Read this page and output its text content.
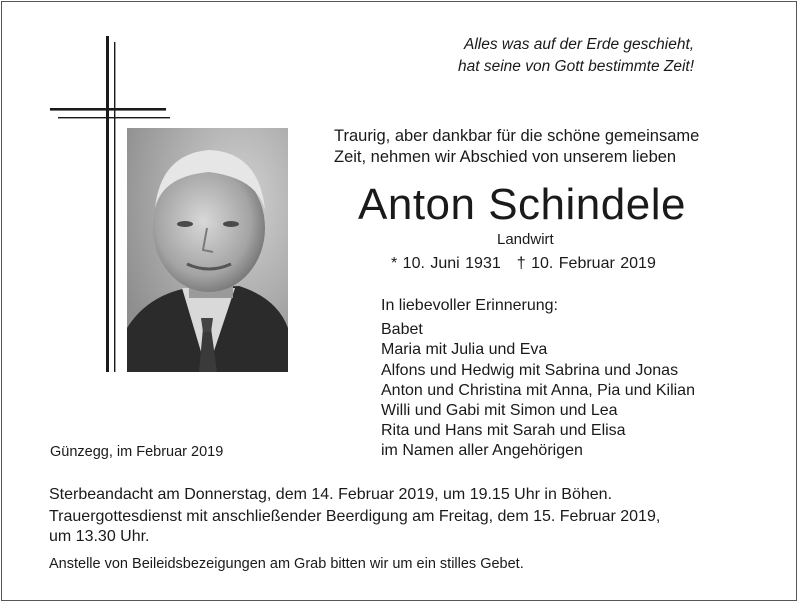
Alles was auf der Erde geschieht,
hat seine von Gott bestimmte Zeit!
Traurig, aber dankbar für die schöne gemeinsame
Zeit, nehmen wir Abschied von unserem lieben
Anton Schindele
Landwirt
* 10. Juni 1931 † 10. Februar 2019
In liebevoller Erinnerung:
Babet
Maria mit Julia und Eva
Alfons und Hedwig mit Sabrina und Jonas
Anton und Christina mit Anna, Pia und Kilian
Willi und Gabi mit Simon und Lea
Rita und Hans mit Sarah und Elisa
im Namen aller Angehörigen
Günzegg, im Februar 2019
Sterbeandacht am Donnerstag, dem 14. Februar 2019, um 19.15 Uhr in Böhen.
Trauergottesdienst mit anschließender Beerdigung am Freitag, dem 15. Februar 2019,
um 13.30 Uhr.
Anstelle von Beileidsbezeigungen am Grab bitten wir um ein stilles Gebet.
